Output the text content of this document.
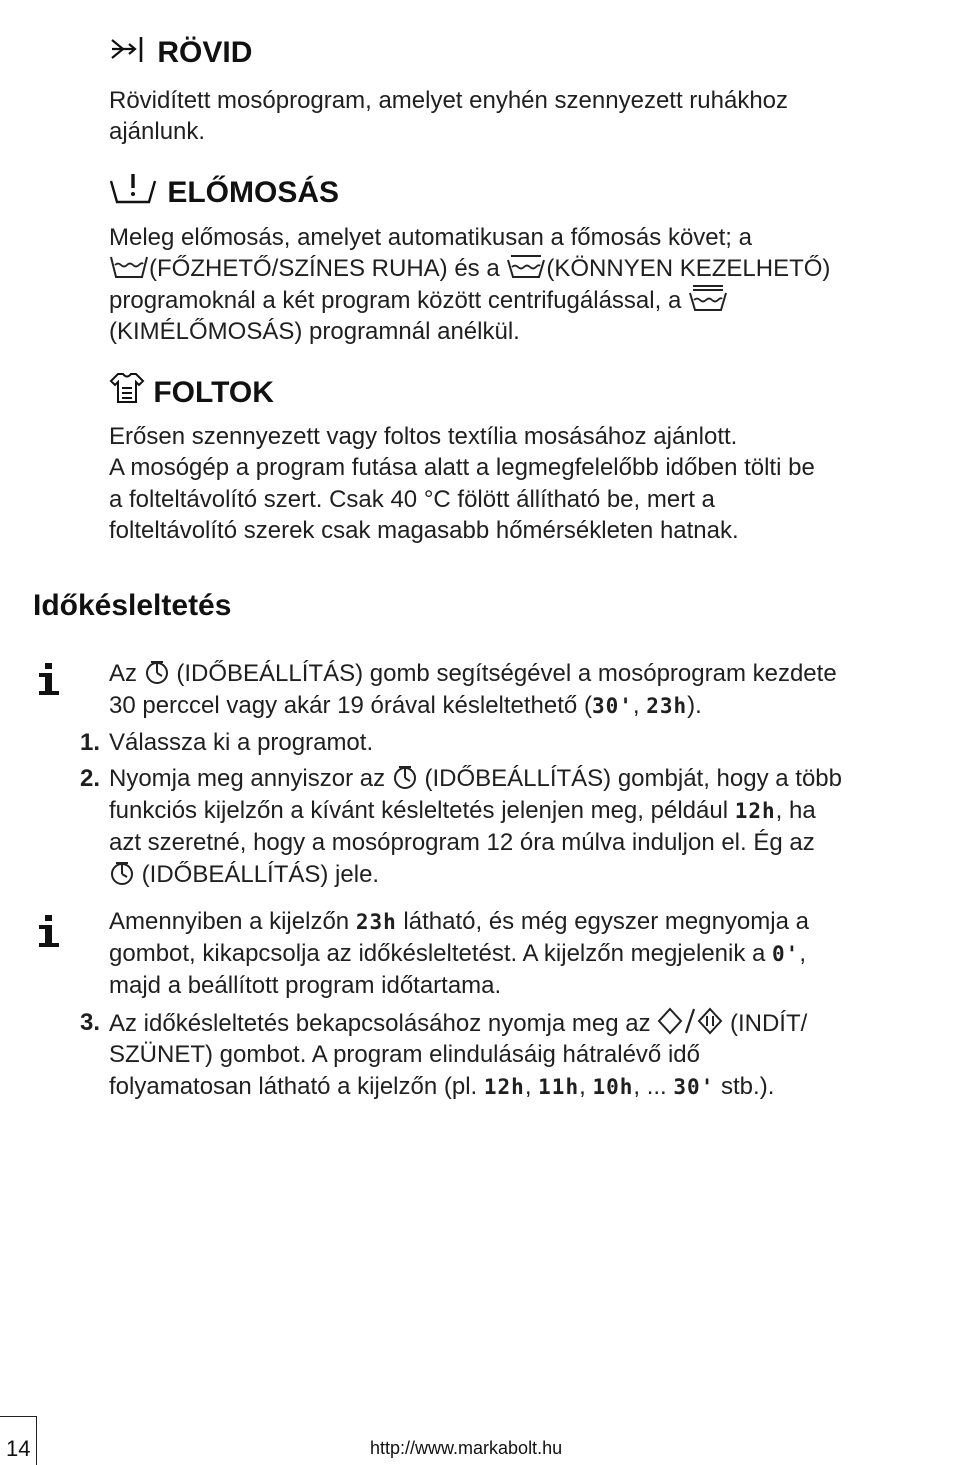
RÖVID
Rövidített mosóprogram, amelyet enyhén szennyezett ruhákhoz
ajánlunk.
ELŐMOSÁS
Meleg előmosás, amelyet automatikusan a főmosás követ; a
(FŐZHETŐ/SZÍNES RUHA) és a (KÖNNYEN KEZELHETŐ)
programoknál a két program között centrifugálással, a
(KIMÉLŐMOSÁS) programnál anélkül.
FOLTOK
Erősen szennyezett vagy foltos textília mosásához ajánlott.
A mosógép a program futása alatt a legmegfelelőbb időben tölti be
a folteltávolító szert. Csak 40 °C fölött állítható be, mert a
folteltávolító szerek csak magasabb hőmérsékleten hatnak.
Időkésleltetés
Az (IDŐBEÁLLÍTÁS) gomb segítségével a mosóprogram kezdete
30 perccel vagy akár 19 órával késleltethető (30', 23h).
1. Válassza ki a programot.
2. Nyomja meg annyiszor az (IDŐBEÁLLÍTÁS) gombját, hogy a több
funkciós kijelzőn a kívánt késleltetés jelenjen meg, például 12h, ha
azt szeretné, hogy a mosóprogram 12 óra múlva induljon el. Ég az
(IDŐBEÁLLÍTÁS) jele.
Amennyiben a kijelzőn 23h látható, és még egyszer megnyomja a
gombot, kikapcsolja az időkésleltetést. A kijelzőn megjelenik a 0',
majd a beállított program időtartama.
3. Az időkésleltetés bekapcsolásához nyomja meg az	(INDÍT/
SZÜNET) gombot. A program elindulásáig hátralévő idő
folyamatosan látható a kijelzőn (pl. 12h, 11h, 10h, ... 30' stb.).
14	http://www.markabolt.hu
